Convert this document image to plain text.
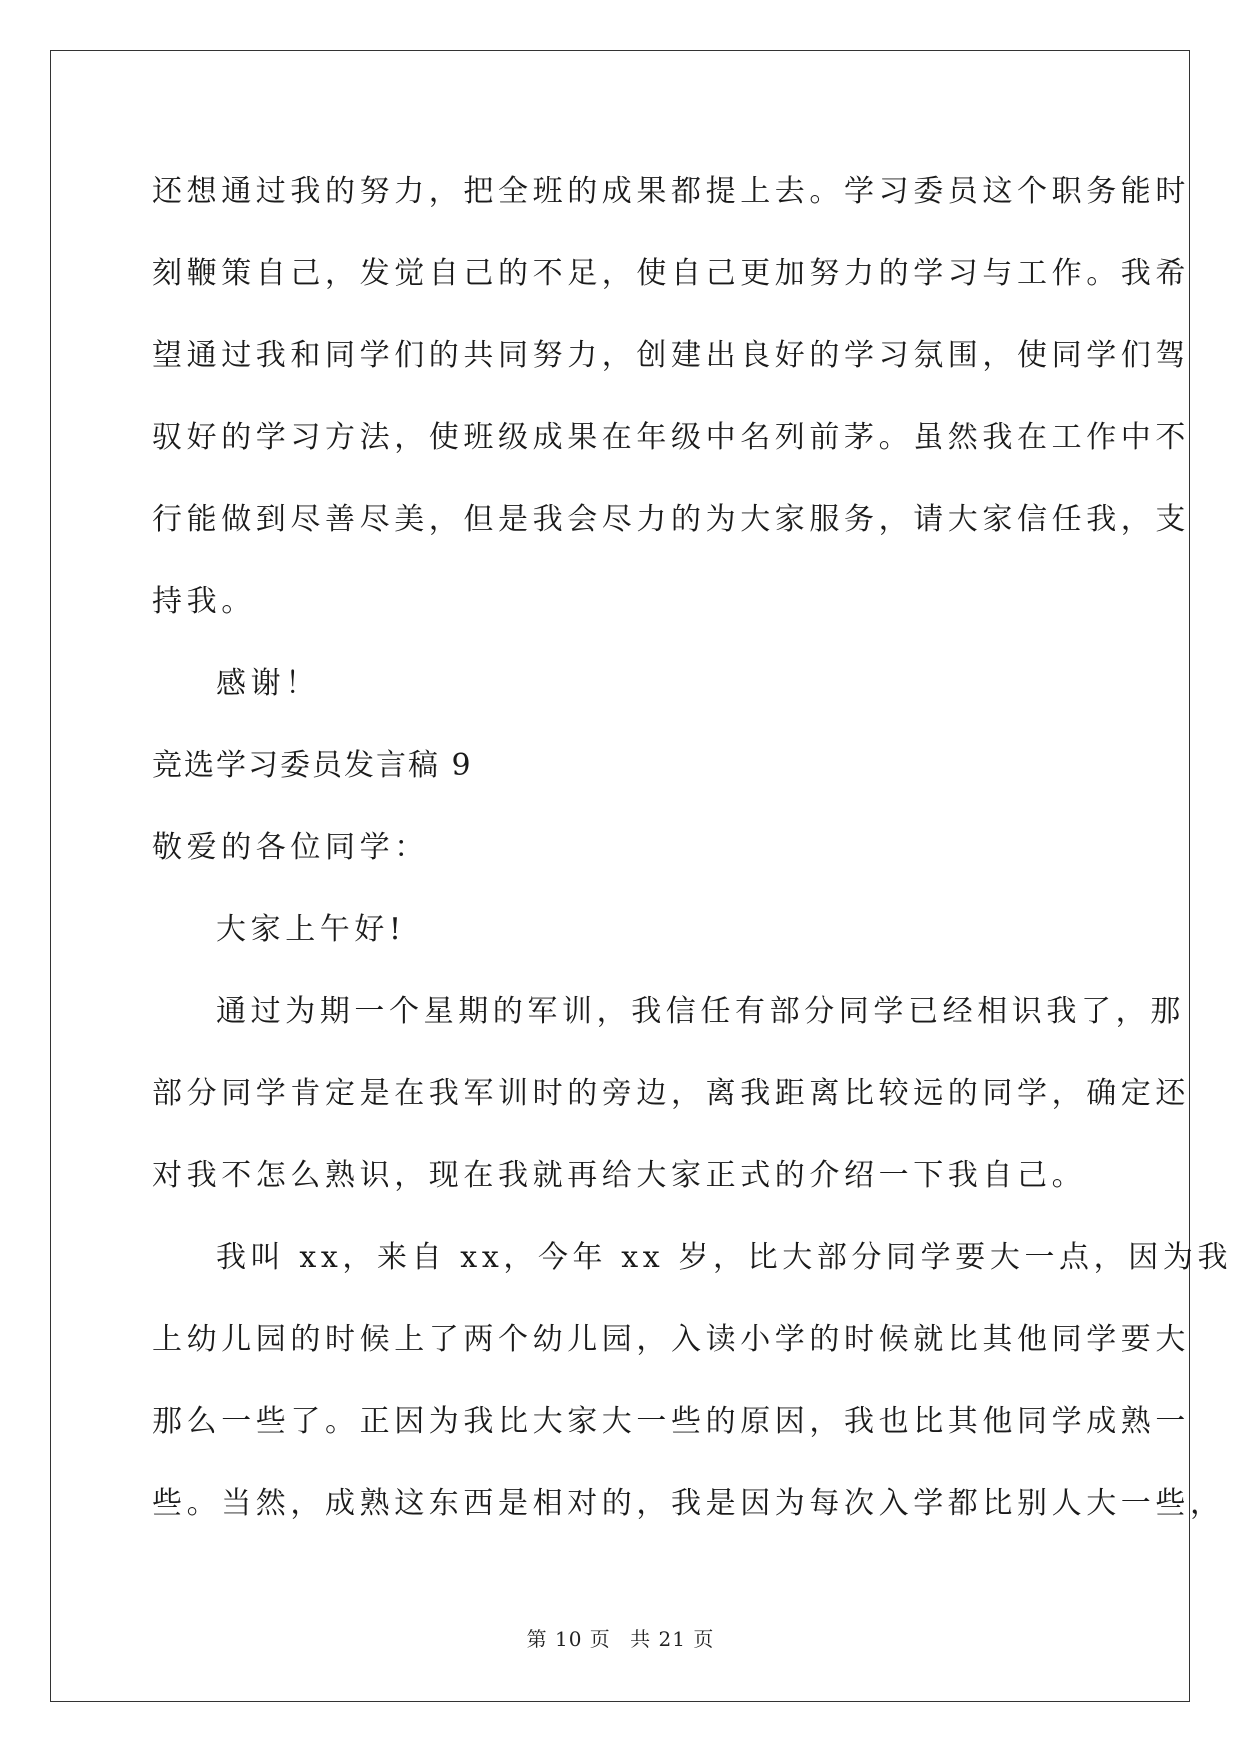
还想通过我的努力，把全班的成果都提上去。学习委员这个职务能时
刻鞭策自己，发觉自己的不足，使自己更加努力的学习与工作。我希
望通过我和同学们的共同努力，创建出良好的学习氛围，使同学们驾
驭好的学习方法，使班级成果在年级中名列前茅。虽然我在工作中不
行能做到尽善尽美，但是我会尽力的为大家服务，请大家信任我，支
持我。
感谢！
竞选学习委员发言稿 9
敬爱的各位同学：
大家上午好!
通过为期一个星期的军训，我信任有部分同学已经相识我了，那
部分同学肯定是在我军训时的旁边，离我距离比较远的同学，确定还
对我不怎么熟识，现在我就再给大家正式的介绍一下我自己。
我叫 xx，来自 xx，今年 xx 岁，比大部分同学要大一点，因为我
上幼儿园的时候上了两个幼儿园，入读小学的时候就比其他同学要大
那么一些了。正因为我比大家大一些的原因，我也比其他同学成熟一
些。当然，成熟这东西是相对的，我是因为每次入学都比别人大一些，
第 10 页 共 21 页
